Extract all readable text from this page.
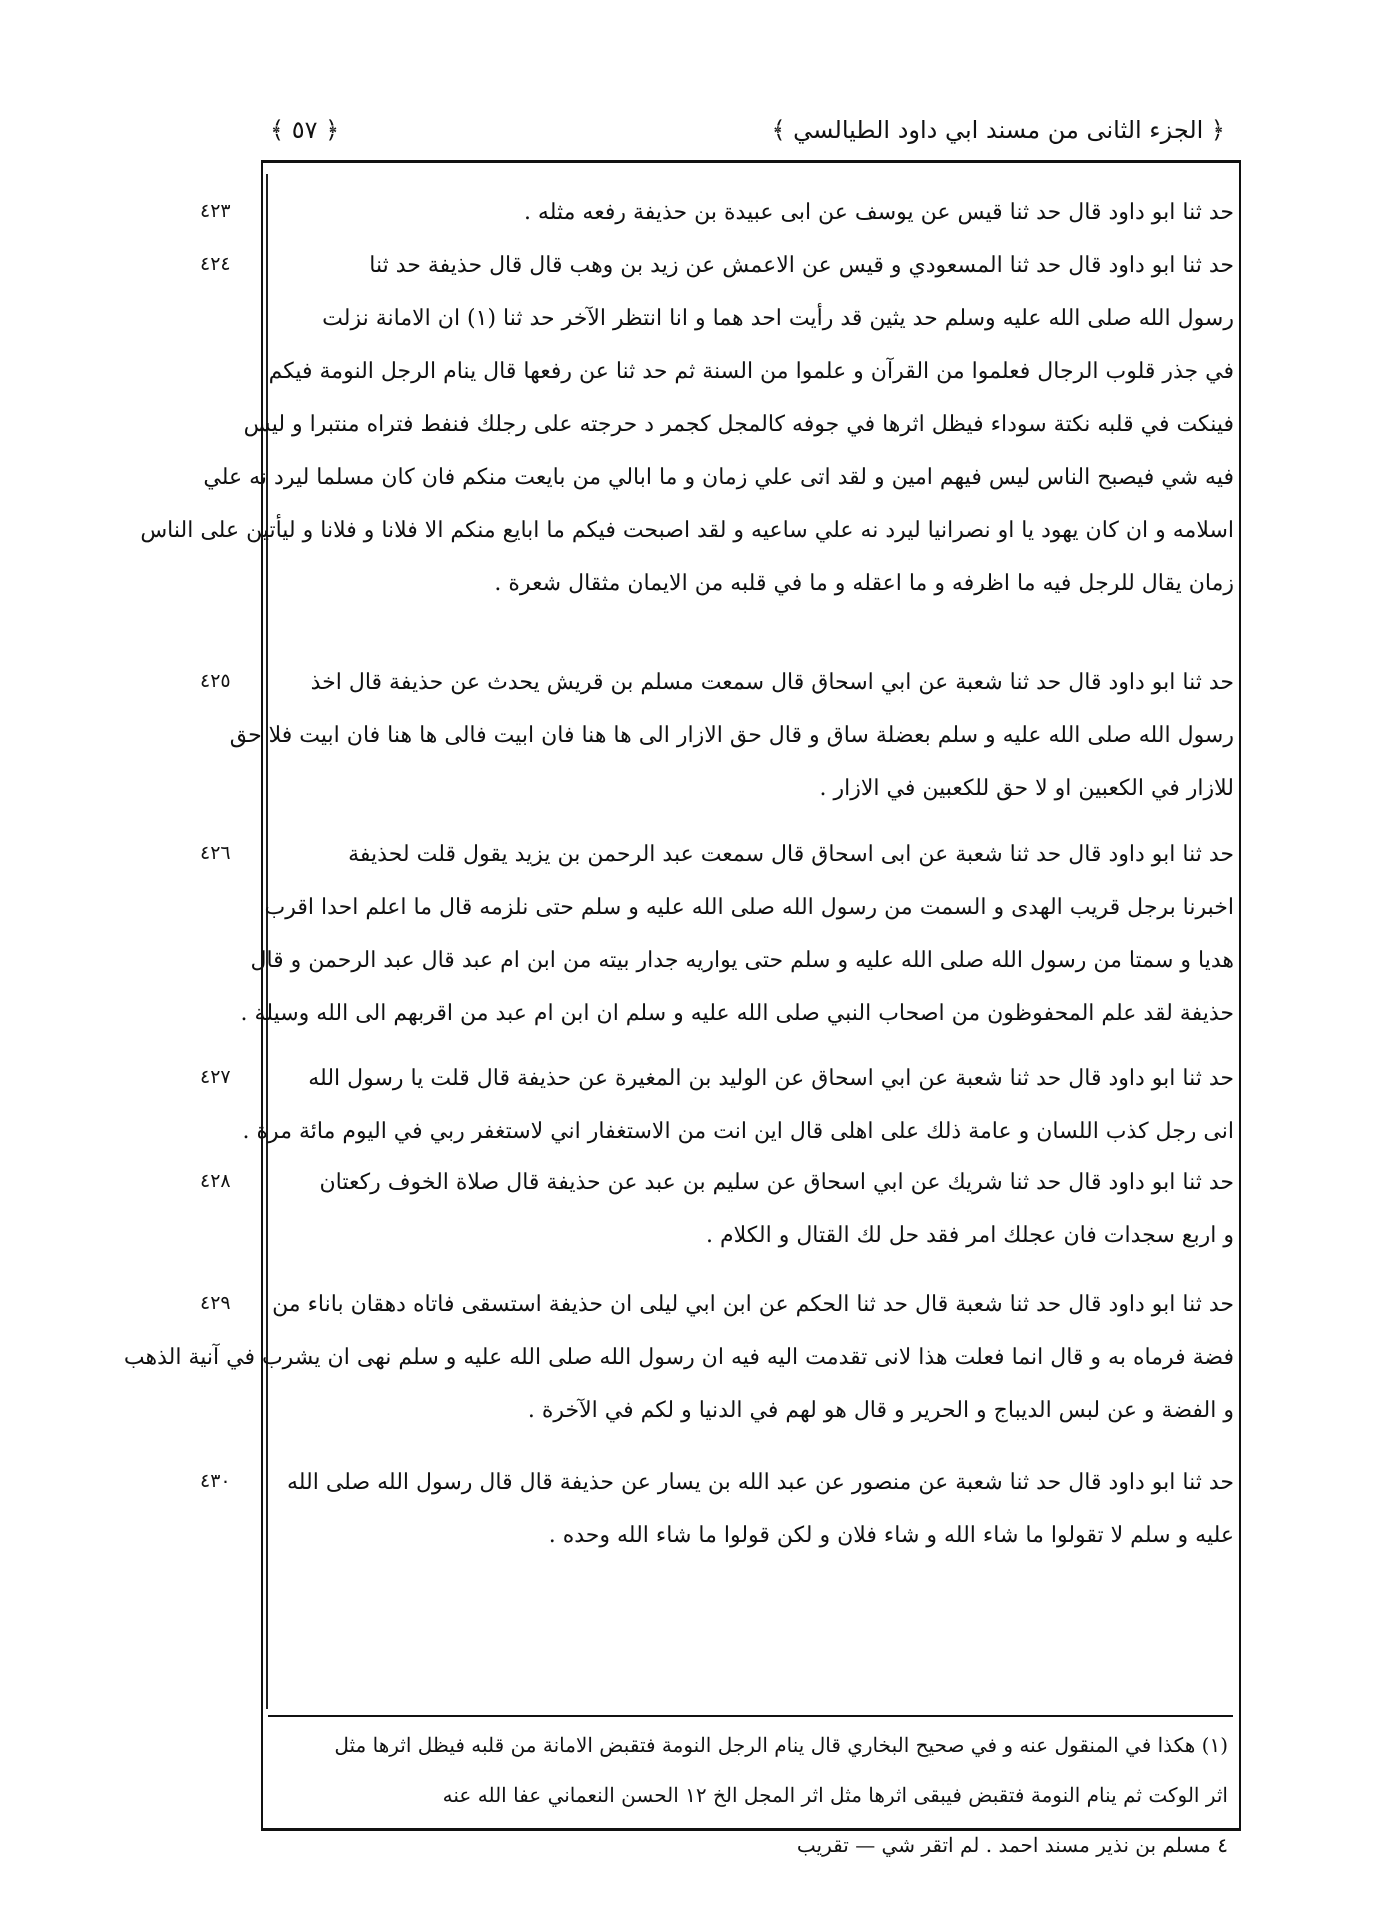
﴿ ٥٧ ﴾	﴿ الجزء الثانى من مسند ابي داود الطيالسي ﴾
٤٢٣	حد ثنا ابو داود قال حد ثنا قيس عن يوسف عن ابى عبيدة بن حذيفة رفعه مثله .
٤٢٤	حد ثنا ابو داود قال حد ثنا المسعودي و قيس عن الاعمش عن زيد بن وهب قال قال حذيفة حد ثنا
رسول الله صلى الله عليه وسلم حد يثين قد رأيت احد هما و انا انتظر الآخر حد ثنا (١) ان الامانة نزلت
في جذر قلوب الرجال فعلموا من القرآن و علموا من السنة ثم حد ثنا عن رفعها قال ينام الرجل النومة فيكم
فينكت في قلبه نكتة سوداء فيظل اثرها في جوفه كالمجل كجمر د حرجته على رجلك فنفط فتراه منتبرا و ليس
فيه شي فيصبح الناس ليس فيهم امين و لقد اتى علي زمان و ما ابالي من بايعت منكم فان كان مسلما ليرد نه علي
اسلامه و ان كان يهود يا او نصرانيا ليرد نه علي ساعيه و لقد اصبحت فيكم ما ابايع منكم الا فلانا و فلانا و ليأتين على الناس
زمان يقال للرجل فيه ما اظرفه و ما اعقله و ما في قلبه من الايمان مثقال شعرة .
٤٢٥	حد ثنا ابو داود قال حد ثنا شعبة عن ابي اسحاق قال سمعت مسلم بن قريش يحدث عن حذيفة قال اخذ
رسول الله صلى الله عليه و سلم بعضلة ساق و قال حق الازار الى ها هنا فان ابيت فالى ها هنا فان ابيت فلا حق
للازار في الكعبين او لا حق للكعبين في الازار .
٤٢٦	حد ثنا ابو داود قال حد ثنا شعبة عن ابى اسحاق قال سمعت عبد الرحمن بن يزيد يقول قلت لحذيفة
اخبرنا برجل قريب الهدى و السمت من رسول الله صلى الله عليه و سلم حتى نلزمه قال ما اعلم احدا اقرب
هديا و سمتا من رسول الله صلى الله عليه و سلم حتى يواريه جدار بيته من ابن ام عبد قال عبد الرحمن و قال
حذيفة لقد علم المحفوظون من اصحاب النبي صلى الله عليه و سلم ان ابن ام عبد من اقربهم الى الله وسيلة .
٤٢٧	حد ثنا ابو داود قال حد ثنا شعبة عن ابي اسحاق عن الوليد بن المغيرة عن حذيفة قال قلت يا رسول الله
انى رجل كذب اللسان و عامة ذلك على اهلى قال اين انت من الاستغفار اني لاستغفر ربي في اليوم مائة مرة .
٤٢٨	حد ثنا ابو داود قال حد ثنا شريك عن ابي اسحاق عن سليم بن عبد عن حذيفة قال صلاة الخوف ركعتان
و اربع سجدات فان عجلك امر فقد حل لك القتال و الكلام .
٤٢٩ حد ثنا ابو داود قال حد ثنا شعبة قال حد ثنا الحكم عن ابن ابي ليلى ان حذيفة استسقى فاتاه دهقان باناء من
فضة فرماه به و قال انما فعلت هذا لانى تقدمت اليه فيه ان رسول الله صلى الله عليه و سلم نهى ان يشرب في آنية الذهب
و الفضة و عن لبس الديباج و الحرير و قال هو لهم في الدنيا و لكم في الآخرة .
٤٣٠	حد ثنا ابو داود قال حد ثنا شعبة عن منصور عن عبد الله بن يسار عن حذيفة قال قال رسول الله صلى الله
عليه و سلم لا تقولوا ما شاء الله و شاء فلان و لكن قولوا ما شاء الله وحده .
(١) هكذا في المنقول عنه و في صحيح البخاري قال ينام الرجل النومة فتقبض الامانة من قلبه فيظل اثرها مثل
اثر الوكت ثم ينام النومة فتقبض فيبقى اثرها مثل اثر المجل الخ ١٢ الحسن النعماني عفا الله عنه
٤ مسلم بن نذير مسند احمد . لم اتقر شي — تقريب
